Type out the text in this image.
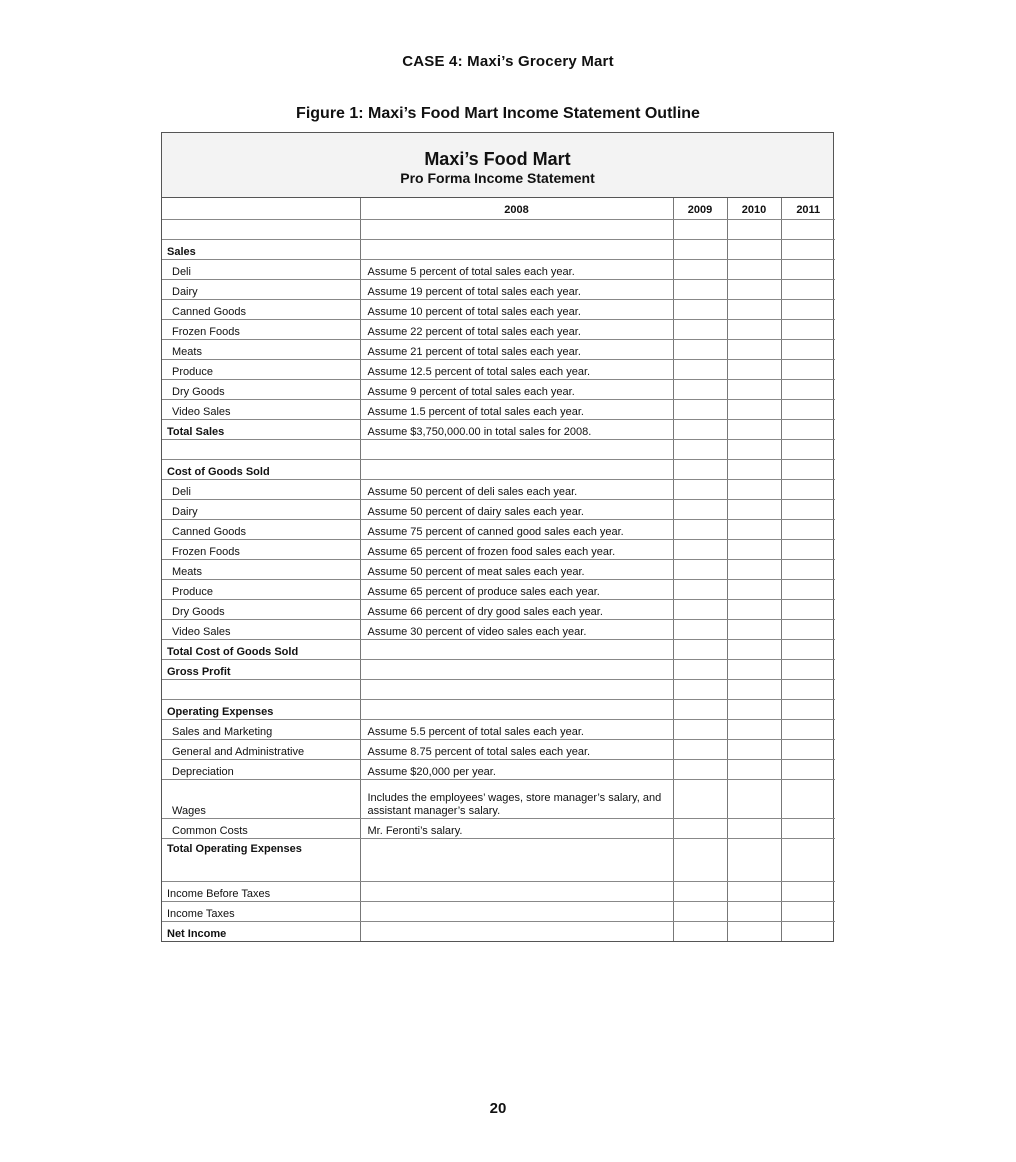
CASE 4: Maxi’s Grocery Mart
Figure 1: Maxi’s Food Mart Income Statement Outline
Maxi’s Food Mart
Pro Forma Income Statement
	2008	2009	2010	2011

Sales				
Deli	Assume 5 percent of total sales each year.			
Dairy	Assume 19 percent of total sales each year.			
Canned Goods	Assume 10 percent of total sales each year.			
Frozen Foods	Assume 22 percent of total sales each year.			
Meats	Assume 21 percent of total sales each year.			
Produce	Assume 12.5 percent of total sales each year.			
Dry Goods	Assume 9 percent of total sales each year.			
Video Sales	Assume 1.5 percent of total sales each year.			
Total Sales	Assume $3,750,000.00 in total sales for 2008.			

Cost of Goods Sold				
Deli	Assume 50 percent of deli sales each year.			
Dairy	Assume 50 percent of dairy sales each year.			
Canned Goods	Assume 75 percent of canned good sales each year.			
Frozen Foods	Assume 65 percent of frozen food sales each year.			
Meats	Assume 50 percent of meat sales each year.			
Produce	Assume 65 percent of produce sales each year.			
Dry Goods	Assume 66 percent of dry good sales each year.			
Video Sales	Assume 30 percent of video sales each year.			
Total Cost of Goods Sold				
Gross Profit				

Operating Expenses				
Sales and Marketing	Assume 5.5 percent of total sales each year.			
General and Administrative	Assume 8.75 percent of total sales each year.			
Depreciation	Assume $20,000 per year.			
Wages	Includes the employees’ wages, store manager’s salary, and assistant manager’s salary.			
Common Costs	Mr. Feronti’s salary.			
Total Operating Expenses				
Income Before Taxes				
Income Taxes				
Net Income				
20
